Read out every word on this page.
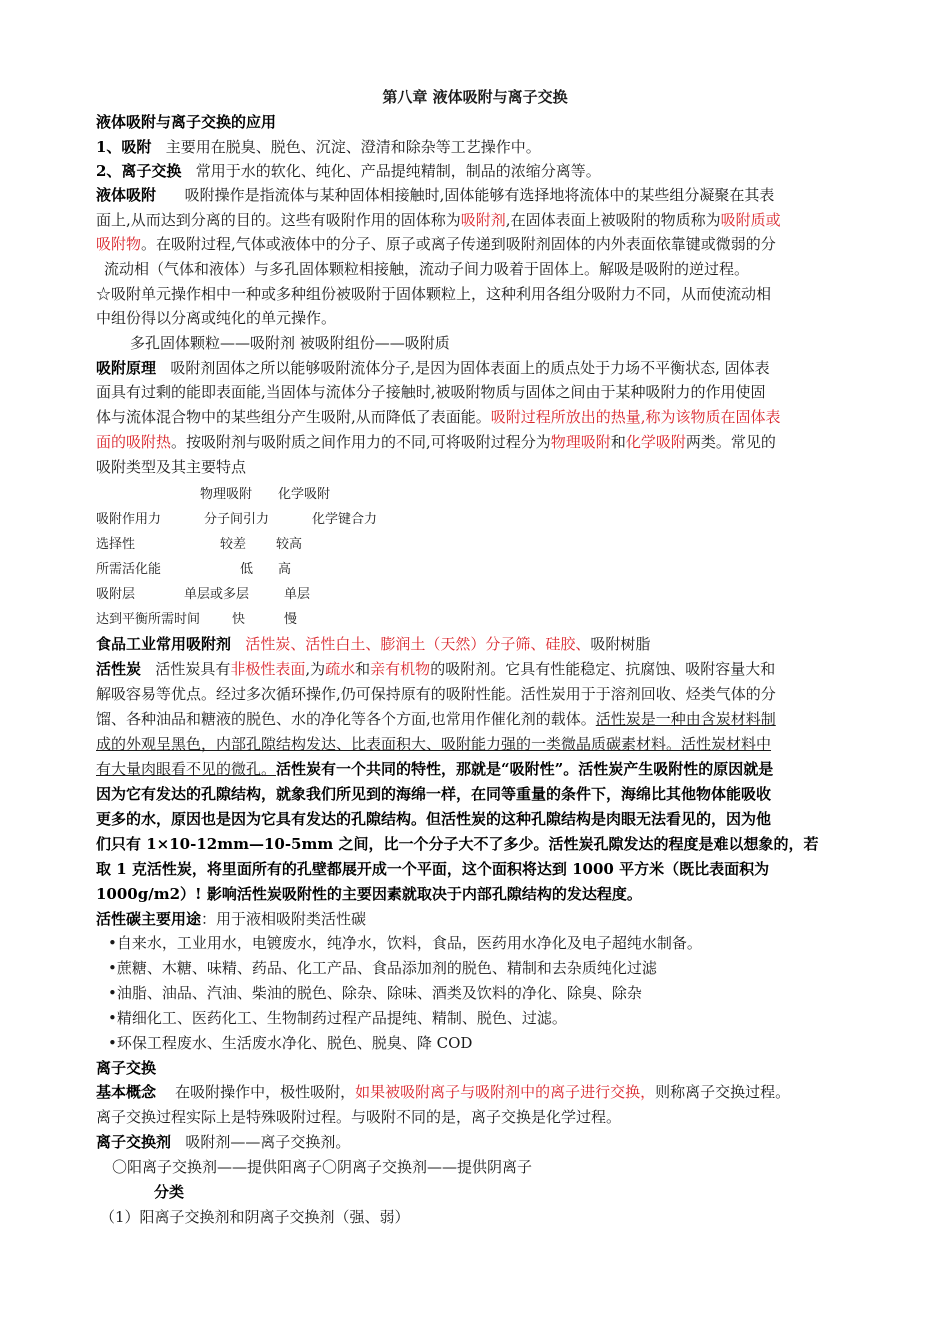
第八章 液体吸附与离子交换
液体吸附与离子交换的应用
1、吸附 主要用在脱臭、脱色、沉淀、澄清和除杂等工艺操作中。
2、离子交换 常用于水的软化、纯化、产品提纯精制，制品的浓缩分离等。
液体吸附 吸附操作是指流体与某种固体相接触时,固体能够有选择地将流体中的某些组分凝聚在其表
面上,从而达到分离的目的。这些有吸附作用的固体称为吸附剂,在固体表面上被吸附的物质称为吸附质或
吸附物。在吸附过程,气体或液体中的分子、原子或离子传递到吸附剂固体的内外表面依靠键或微弱的分
流动相（气体和液体）与多孔固体颗粒相接触，流动子间力吸着于固体上。解吸是吸附的逆过程。
☆吸附单元操作相中一种或多种组份被吸附于固体颗粒上，这种利用各组分吸附力不同，从而使流动相
中组份得以分离或纯化的单元操作。
多孔固体颗粒——吸附剂 被吸附组份——吸附质
吸附原理 吸附剂固体之所以能够吸附流体分子,是因为固体表面上的质点处于力场不平衡状态, 固体表
面具有过剩的能即表面能,当固体与流体分子接触时,被吸附物质与固体之间由于某种吸附力的作用使固
体与流体混合物中的某些组分产生吸附,从而降低了表面能。吸附过程所放出的热量,称为该物质在固体表
面的吸附热。按吸附剂与吸附质之间作用力的不同,可将吸附过程分为物理吸附和化学吸附两类。常见的
吸附类型及其主要特点
物理吸附 化学吸附
吸附作用力	分子间引力	化学键合力
选择性	较差 较高
所需活化能	低 高
吸附层	单层或多层	单层
达到平衡所需时间 快	慢
食品工业常用吸附剂 活性炭、活性白土、膨润土（天然）分子筛、硅胶、吸附树脂
活性炭 活性炭具有非极性表面,为疏水和亲有机物的吸附剂。它具有性能稳定、抗腐蚀、吸附容量大和
解吸容易等优点。经过多次循环操作,仍可保持原有的吸附性能。活性炭用于于溶剂回收、烃类气体的分
馏、各种油品和糖液的脱色、水的净化等各个方面,也常用作催化剂的载体。活性炭是一种由含炭材料制
成的外观呈黑色，内部孔隙结构发达、比表面积大、吸附能力强的一类微晶质碳素材料。活性炭材料中
有大量肉眼看不见的微孔。活性炭有一个共同的特性，那就是“吸附性”。活性炭产生吸附性的原因就是
因为它有发达的孔隙结构，就象我们所见到的海绵一样，在同等重量的条件下，海绵比其他物体能吸收
更多的水，原因也是因为它具有发达的孔隙结构。但活性炭的这种孔隙结构是肉眼无法看见的，因为他
们只有 1×10-12mm—10-5mm 之间，比一个分子大不了多少。活性炭孔隙发达的程度是难以想象的，若
取 1 克活性炭，将里面所有的孔壁都展开成一个平面，这个面积将达到 1000 平方米（既比表面积为
1000g/m2）! 影响活性炭吸附性的主要因素就取决于内部孔隙结构的发达程度。
活性碳主要用途：用于液相吸附类活性碳
•自来水，工业用水，电镀废水，纯净水，饮料，食品，医药用水净化及电子超纯水制备。
•蔗糖、木糖、味精、药品、化工产品、食品添加剂的脱色、精制和去杂质纯化过滤
•油脂、油品、汽油、柴油的脱色、除杂、除味、酒类及饮料的净化、除臭、除杂
•精细化工、医药化工、生物制药过程产品提纯、精制、脱色、过滤。
•环保工程废水、生活废水净化、脱色、脱臭、降 COD
离子交换
基本概念 在吸附操作中，极性吸附，如果被吸附离子与吸附剂中的离子进行交换，则称离子交换过程。
离子交换过程实际上是特殊吸附过程。与吸附不同的是，离子交换是化学过程。
离子交换剂 吸附剂——离子交换剂。
〇阳离子交换剂——提供阳离子〇阴离子交换剂——提供阴离子
分类
（1）阳离子交换剂和阴离子交换剂（强、弱）
